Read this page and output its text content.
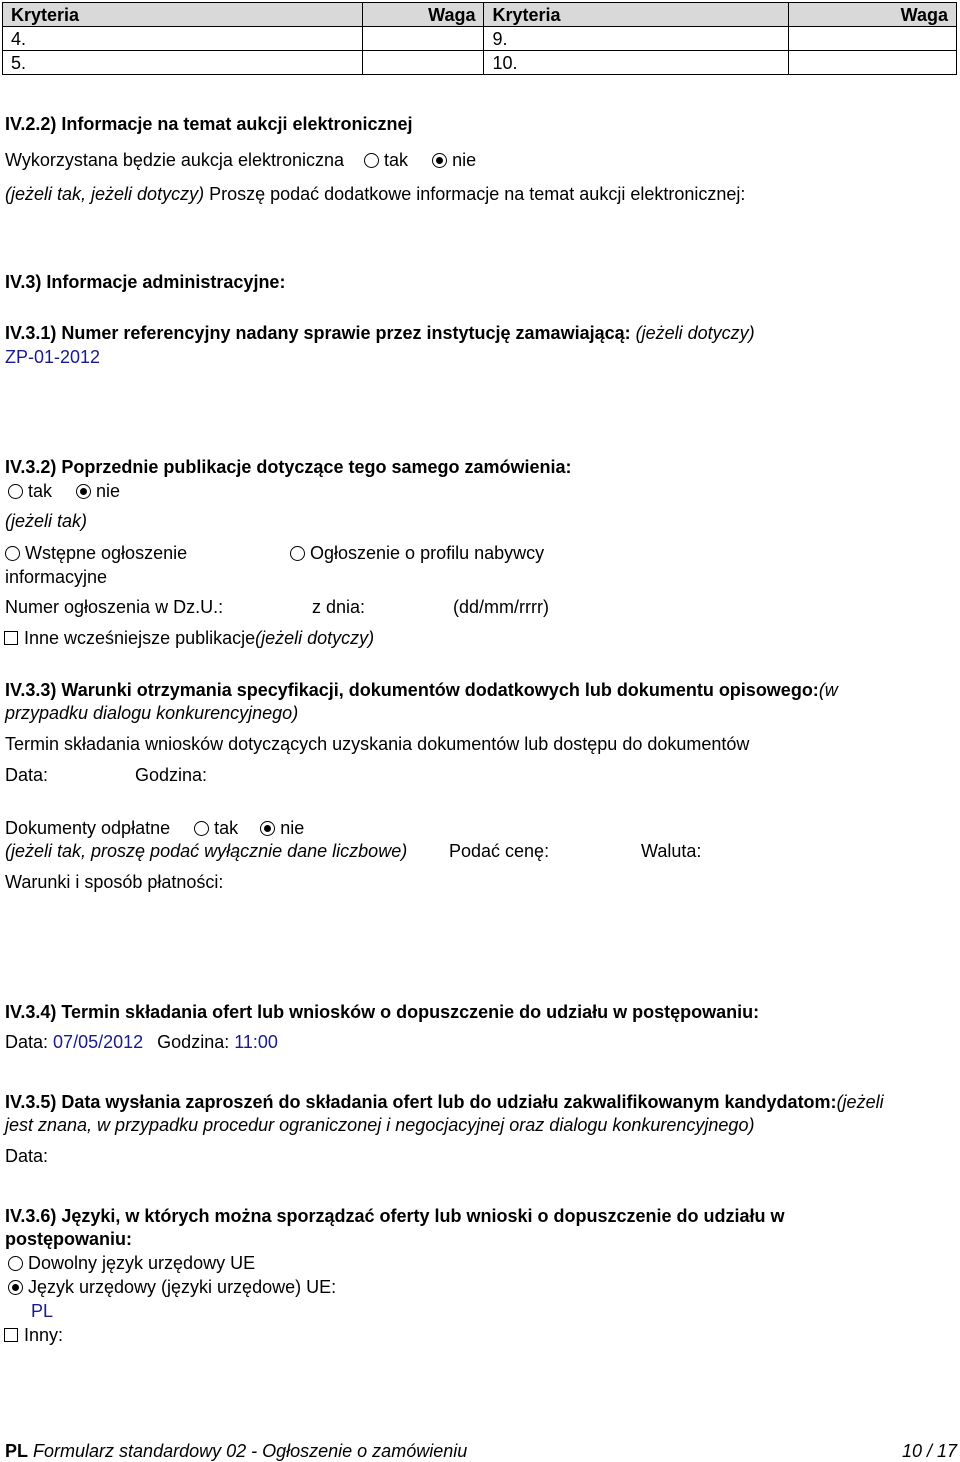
Kryteria	Waga	Kryteria	Waga
4.		9.	
5.		10.	
IV.2.2) Informacje na temat aukcji elektronicznej
Wykorzystana będzie aukcja elektroniczna tak nie
(jeżeli tak, jeżeli dotyczy) Proszę podać dodatkowe informacje na temat aukcji elektronicznej:
IV.3) Informacje administracyjne:
IV.3.1) Numer referencyjny nadany sprawie przez instytucję zamawiającą: (jeżeli dotyczy)
ZP-01-2012
IV.3.2) Poprzednie publikacje dotyczące tego samego zamówienia:
tak nie
(jeżeli tak)
Wstępne ogłoszenie
informacyjne
Ogłoszenie o profilu nabywcy
Numer ogłoszenia w Dz.U.:	z dnia:	(dd/mm/rrrr)
Inne wcześniejsze publikacje(jeżeli dotyczy)
IV.3.3) Warunki otrzymania specyfikacji, dokumentów dodatkowych lub dokumentu opisowego:(w
przypadku dialogu konkurencyjnego)
Termin składania wniosków dotyczących uzyskania dokumentów lub dostępu do dokumentów
Data:	Godzina:
Dokumenty odpłatne tak nie
(jeżeli tak, proszę podać wyłącznie dane liczbowe) Podać cenę:	Waluta:
Warunki i sposób płatności:
IV.3.4) Termin składania ofert lub wniosków o dopuszczenie do udziału w postępowaniu:
Data: 07/05/2012 Godzina: 11:00
IV.3.5) Data wysłania zaproszeń do składania ofert lub do udziału zakwalifikowanym kandydatom:(jeżeli
jest znana, w przypadku procedur ograniczonej i negocjacyjnej oraz dialogu konkurencyjnego)
Data:
IV.3.6) Języki, w których można sporządzać oferty lub wnioski o dopuszczenie do udziału w
postępowaniu:
Dowolny język urzędowy UE
Język urzędowy (języki urzędowe) UE:
PL
Inny:
PL Formularz standardowy 02 - Ogłoszenie o zamówieniu	10 / 17
